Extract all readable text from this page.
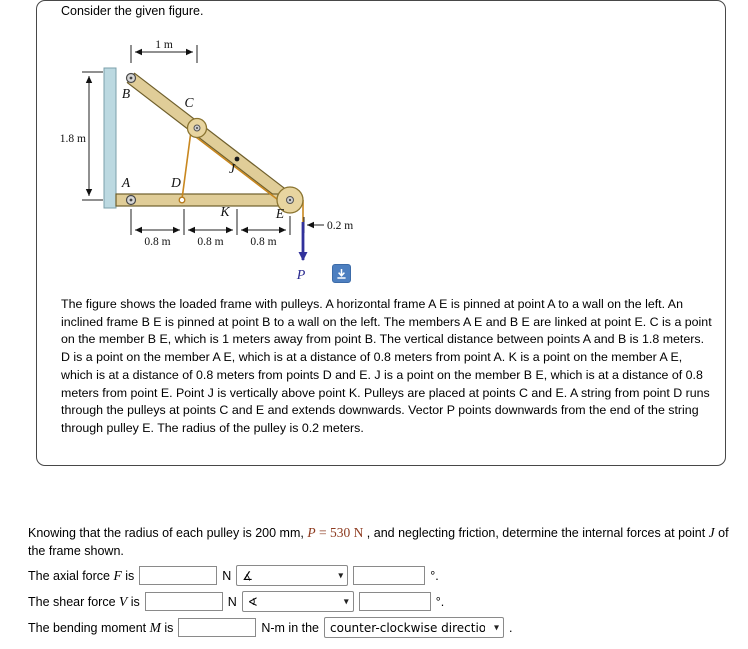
Consider the given figure.

1 m
1.8 m
0.8 m 0.8 m 0.8 m
0.2 m
B
C
A	D
J
K	E
P

The figure shows the loaded frame with pulleys. A horizontal frame A E is pinned at point A to a wall on the left. An inclined frame B E is pinned at point B to a wall on the left. The members A E and B E are linked at point E. C is a point on the member B E, which is 1 meters away from point B. The vertical distance between points A and B is 1.8 meters. D is a point on the member A E, which is at a distance of 0.8 meters from point A. K is a point on the member A E, which is at a distance of 0.8 meters from points D and E. J is a point on the member B E, which is at a distance of 0.8 meters from point E. Point J is vertically above point K. Pulleys are placed at points C and E. A string from point D runs through the pulleys at points C and E and extends downwards. Vector P points downwards from the end of the string through pulley E. The radius of the pulley is 0.2 meters.

Knowing that the radius of each pulley is 200 mm, P = 530 N , and neglecting friction, determine the internal forces at point J of the frame shown.
The axial force F is	N
∡	▾	°.
The shear force V is	N
∢	▾	°.
The bending moment M is	N-m in the
counter-clockwise direction	▾ .
